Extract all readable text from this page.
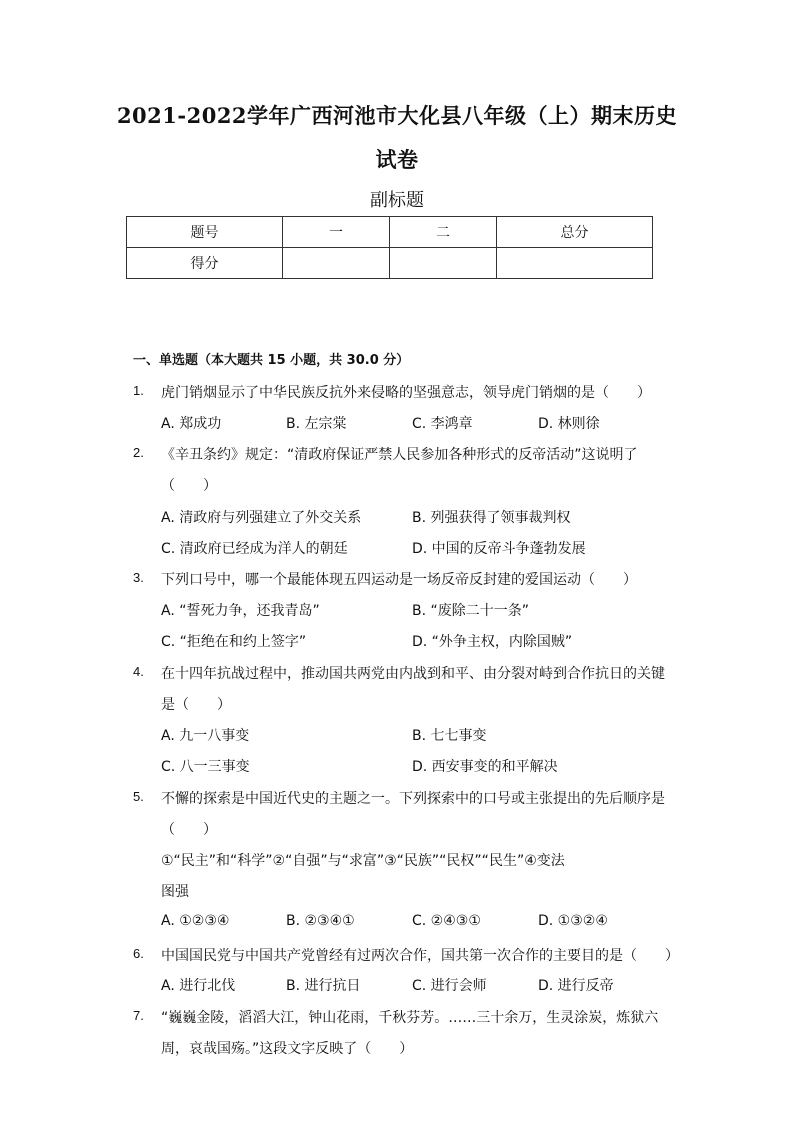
2021-2022学年广西河池市大化县八年级（上）期末历史
试卷
副标题
题号	一	二	总分
得分			
一、单选题（本大题共 15 小题，共 30.0 分）
1. 虎门销烟显示了中华民族反抗外来侵略的坚强意志，领导虎门销烟的是（　　）
A. 郑成功	B. 左宗棠	C. 李鸿章	D. 林则徐
2. 《辛丑条约》规定：“清政府保证严禁人民参加各种形式的反帝活动”这说明了
（　　）
A. 清政府与列强建立了外交关系	B. 列强获得了领事裁判权
C. 清政府已经成为洋人的朝廷	D. 中国的反帝斗争蓬勃发展
3. 下列口号中，哪一个最能体现五四运动是一场反帝反封建的爱国运动（　　）
A. “誓死力争，还我青岛”	B. “废除二十一条”
C. “拒绝在和约上签字”	D. “外争主权，内除国贼”
4. 在十四年抗战过程中，推动国共两党由内战到和平、由分裂对峙到合作抗日的关键
是（　　）
A. 九一八事变	B. 七七事变
C. 八一三事变	D. 西安事变的和平解决
5. 不懈的探索是中国近代史的主题之一。下列探索中的口号或主张提出的先后顺序是
（　　）
①“民主”和“科学”②“自强”与“求富”③“民族”“民权”“民生”④变法
图强
A. ①②③④	B. ②③④①	C. ②④③①	D. ①③②④
6. 中国国民党与中国共产党曾经有过两次合作，国共第一次合作的主要目的是（　　）
A. 进行北伐	B. 进行抗日	C. 进行会师	D. 进行反帝
7. “巍巍金陵，滔滔大江，钟山花雨，千秋芬芳。……三十余万，生灵涂炭，炼狱六
周，哀哉国殇。”这段文字反映了（　　）
